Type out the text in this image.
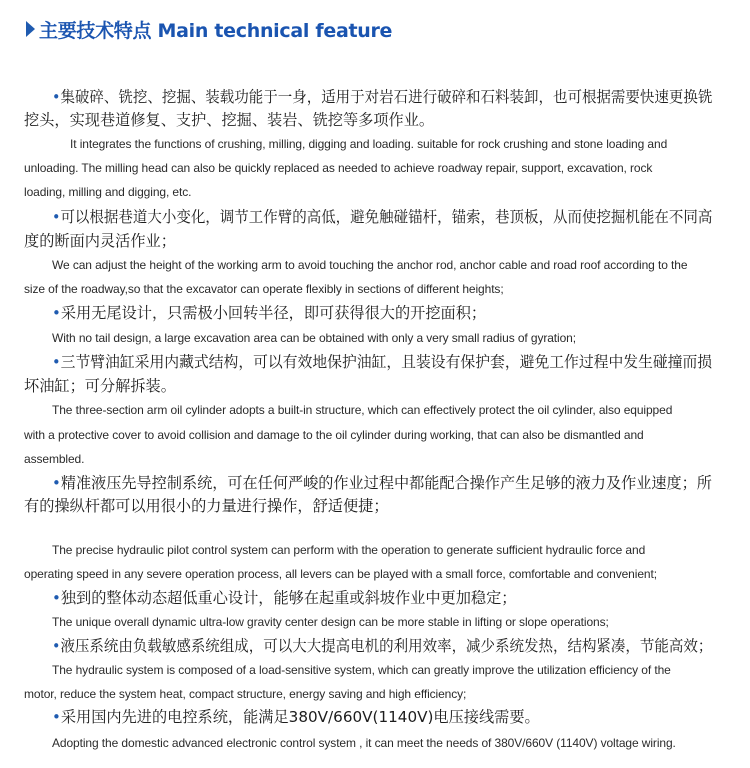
主要技术特点 Main technical feature
•集破碎、铣挖、挖掘、装载功能于一身，适用于对岩石进行破碎和石料装卸，也可根据需要快速更换铣
挖头，实现巷道修复、支护、挖掘、装岩、铣挖等多项作业。
It integrates the functions of crushing, milling, digging and loading. suitable for rock crushing and stone loading and
unloading. The milling head can also be quickly replaced as needed to achieve roadway repair, support, excavation, rock
loading, milling and digging, etc.
•可以根据巷道大小变化，调节工作臂的高低，避免触碰锚杆，锚索，巷顶板，从而使挖掘机能在不同高
度的断面内灵活作业；
We can adjust the height of the working arm to avoid touching the anchor rod, anchor cable and road roof according to the
size of the roadway,so that the excavator can operate flexibly in sections of different heights;
•采用无尾设计，只需极小回转半径，即可获得很大的开挖面积；
With no tail design, a large excavation area can be obtained with only a very small radius of gyration;
•三节臂油缸采用内藏式结构，可以有效地保护油缸，且装设有保护套，避免工作过程中发生碰撞而损
坏油缸；可分解拆装。
The three-section arm oil cylinder adopts a built-in structure, which can effectively protect the oil cylinder, also equipped
with a protective cover to avoid collision and damage to the oil cylinder during working, that can also be dismantled and
assembled.
•精准液压先导控制系统，可在任何严峻的作业过程中都能配合操作产生足够的液力及作业速度；所
有的操纵杆都可以用很小的力量进行操作，舒适便捷；
The precise hydraulic pilot control system can perform with the operation to generate sufficient hydraulic force and
operating speed in any severe operation process, all levers can be played with a small force, comfortable and convenient;
•独到的整体动态超低重心设计，能够在起重或斜坡作业中更加稳定；
The unique overall dynamic ultra-low gravity center design can be more stable in lifting or slope operations;
•液压系统由负载敏感系统组成，可以大大提高电机的利用效率，减少系统发热，结构紧凑，节能高效；
The hydraulic system is composed of a load-sensitive system, which can greatly improve the utilization efficiency of the
motor, reduce the system heat, compact structure, energy saving and high efficiency;
•采用国内先进的电控系统，能满足380V/660V(1140V)电压接线需要。
Adopting the domestic advanced electronic control system , it can meet the needs of 380V/660V (1140V) voltage wiring.
